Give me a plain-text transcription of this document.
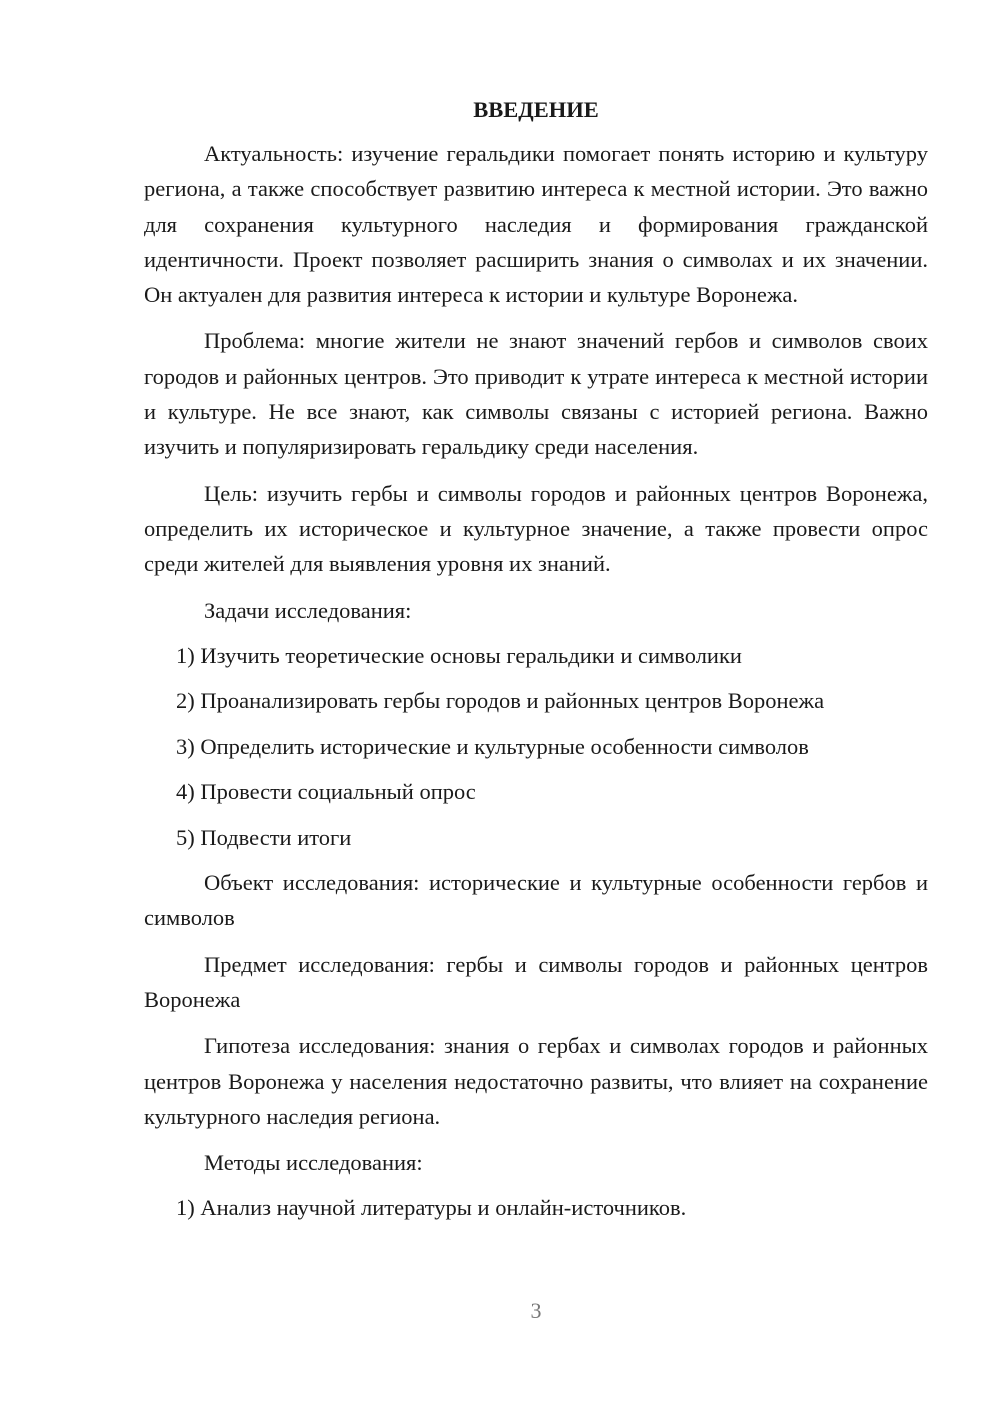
ВВЕДЕНИЕ

Актуальность: изучение геральдики помогает понять историю и культуру региона, а также способствует развитию интереса к местной истории. Это важно для сохранения культурного наследия и формирования гражданской идентичности. Проект позволяет расширить знания о символах и их значении. Он актуален для развития интереса к истории и культуре Воронежа.

Проблема: многие жители не знают значений гербов и символов своих городов и районных центров. Это приводит к утрате интереса к местной истории и культуре. Не все знают, как символы связаны с историей региона. Важно изучить и популяризировать геральдику среди населения.

Цель: изучить гербы и символы городов и районных центров Воронежа, определить их историческое и культурное значение, а также провести опрос среди жителей для выявления уровня их знаний.

Задачи исследования:
1) Изучить теоретические основы геральдики и символики
2) Проанализировать гербы городов и районных центров Воронежа
3) Определить исторические и культурные особенности символов
4) Провести социальный опрос
5) Подвести итоги

Объект исследования: исторические и культурные особенности гербов и символов

Предмет исследования: гербы и символы городов и районных центров Воронежа

Гипотеза исследования: знания о гербах и символах городов и районных центров Воронежа у населения недостаточно развиты, что влияет на сохранение культурного наследия региона.

Методы исследования:
1) Анализ научной литературы и онлайн-источников.
3
